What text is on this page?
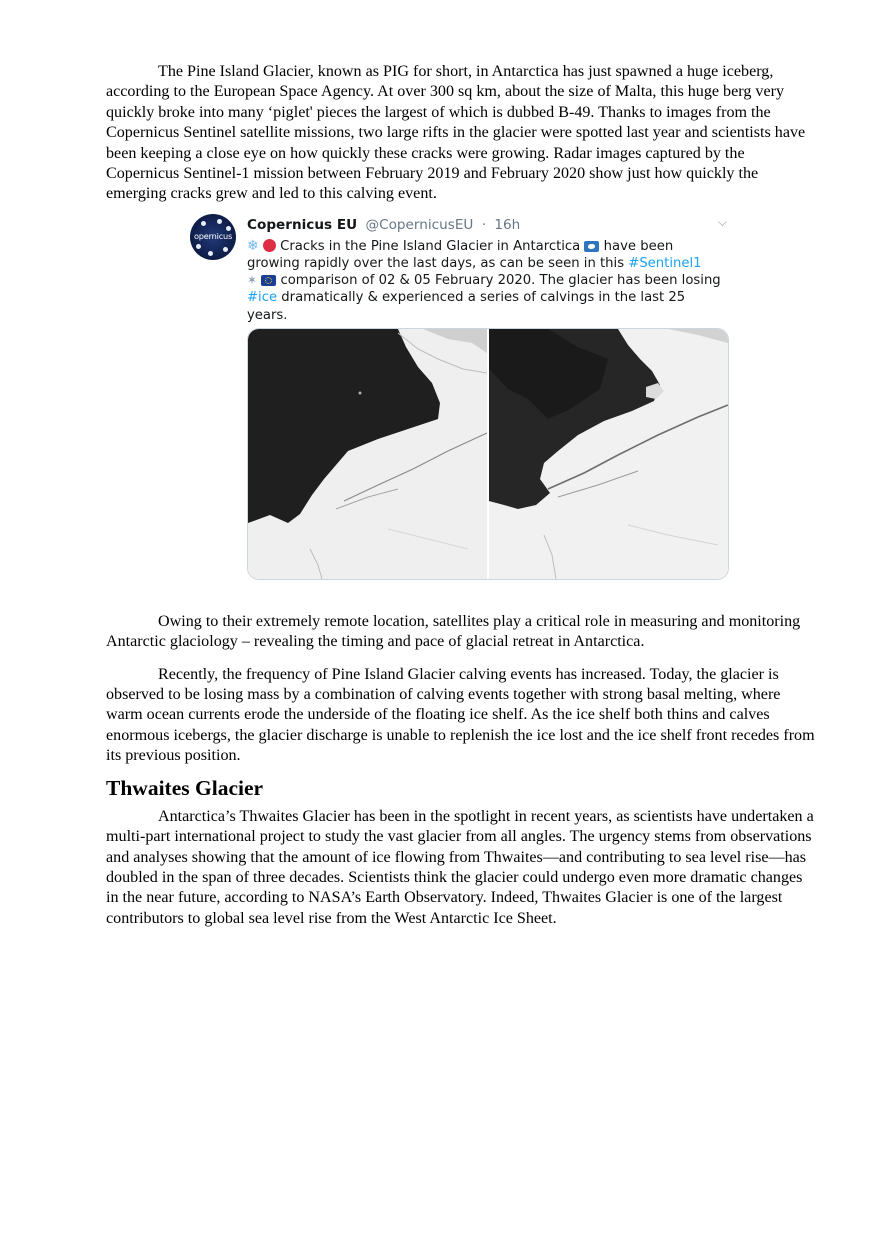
The Pine Island Glacier, known as PIG for short, in Antarctica has just spawned a huge iceberg, according to the European Space Agency. At over 300 sq km, about the size of Malta, this huge berg very quickly broke into many ‘piglet' pieces the largest of which is dubbed B-49. Thanks to images from the Copernicus Sentinel satellite missions, two large rifts in the glacier were spotted last year and scientists have been keeping a close eye on how quickly these cracks were growing. Radar images captured by the Copernicus Sentinel-1 mission between February 2019 and February 2020 show just how quickly the emerging cracks grew and led to this calving event.

opernicus
Copernicus EU @CopernicusEU · 16h	⌵
❄ Cracks in the Pine Island Glacier in Antarctica have been growing rapidly over the last days, as can be seen in this #Sentinel1
✶ comparison of 02 & 05 February 2020. The glacier has been losing #ice dramatically & experienced a series of calvings in the last 25 years.

Owing to their extremely remote location, satellites play a critical role in measuring and monitoring Antarctic glaciology – revealing the timing and pace of glacial retreat in Antarctica.

Recently, the frequency of Pine Island Glacier calving events has increased. Today, the glacier is observed to be losing mass by a combination of calving events together with strong basal melting, where warm ocean currents erode the underside of the floating ice shelf. As the ice shelf both thins and calves enormous icebergs, the glacier discharge is unable to replenish the ice lost and the ice shelf front recedes from its previous position.

Thwaites Glacier

Antarctica’s Thwaites Glacier has been in the spotlight in recent years, as scientists have undertaken a multi-part international project to study the vast glacier from all angles. The urgency stems from observations and analyses showing that the amount of ice flowing from Thwaites—and contributing to sea level rise—has doubled in the span of three decades. Scientists think the glacier could undergo even more dramatic changes in the near future, according to NASA’s Earth Observatory. Indeed, Thwaites Glacier is one of the largest contributors to global sea level rise from the West Antarctic Ice Sheet.
